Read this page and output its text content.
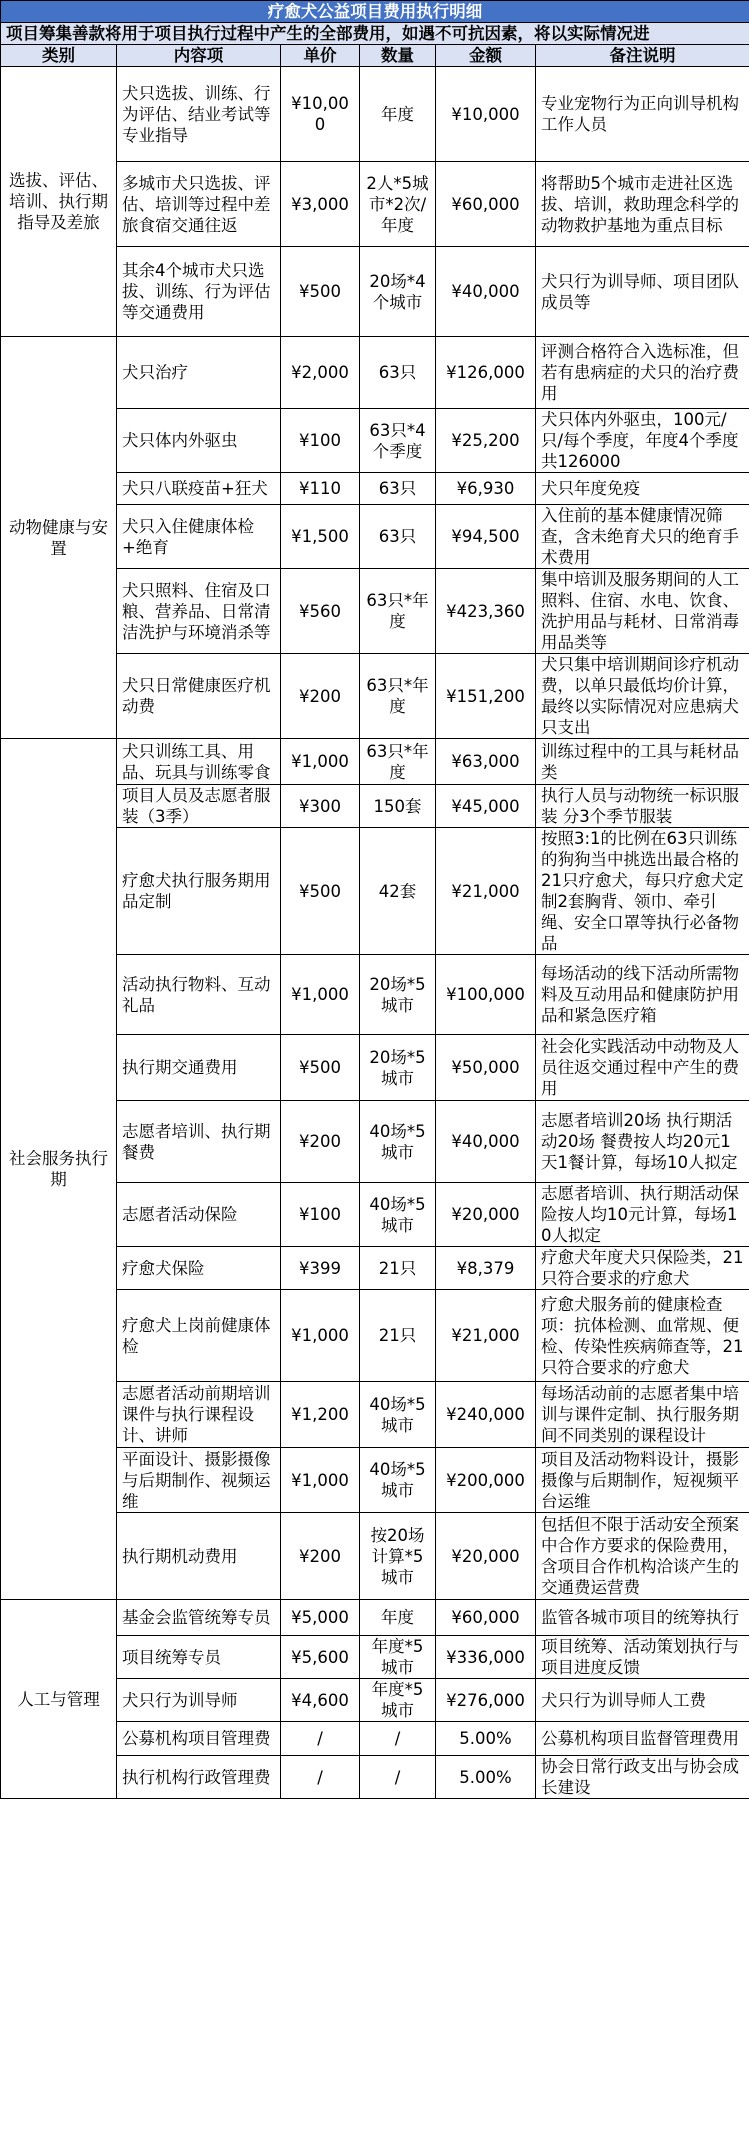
疗愈犬公益项目费用执行明细					
项目筹集善款将用于项目执行过程中产生的全部费用，如遇不可抗因素，将以实际情况进					
类别	内容项	单价	数量	金额	备注说明
选拔、评估、培训、执行期指导及差旅	犬只选拔、训练、行为评估、结业考试等专业指导	¥10,000	年度	¥10,000	专业宠物行为正向训导机构工作人员
	多城市犬只选拔、评估、培训等过程中差旅食宿交通往返	¥3,000	2人*5城市*2次/年度	¥60,000	将帮助5个城市走进社区选拔、培训，救助理念科学的动物救护基地为重点目标
	其余4个城市犬只选拔、训练、行为评估等交通费用	¥500	20场*4个城市	¥40,000	犬只行为训导师、项目团队成员等
动物健康与安置	犬只治疗	¥2,000	63只	¥126,000	评测合格符合入选标准，但若有患病症的犬只的治疗费用
	犬只体内外驱虫	¥100	63只*4个季度	¥25,200	犬只体内外驱虫，100元/只/每个季度，年度4个季度共126000
	犬只八联疫苗+狂犬	¥110	63只	¥6,930	犬只年度免疫
	犬只入住健康体检+绝育	¥1,500	63只	¥94,500	入住前的基本健康情况筛查，含未绝育犬只的绝育手术费用
	犬只照料、住宿及口粮、营养品、日常清洁洗护与环境消杀等	¥560	63只*年度	¥423,360	集中培训及服务期间的人工照料、住宿、水电、饮食、洗护用品与耗材、日常消毒用品类等
	犬只日常健康医疗机动费	¥200	63只*年度	¥151,200	犬只集中培训期间诊疗机动费，以单只最低均价计算，最终以实际情况对应患病犬只支出
社会服务执行期	犬只训练工具、用品、玩具与训练零食	¥1,000	63只*年度	¥63,000	训练过程中的工具与耗材品类
	项目人员及志愿者服装（3季）	¥300	150套	¥45,000	执行人员与动物统一标识服装 分3个季节服装
	疗愈犬执行服务期用品定制	¥500	42套	¥21,000	按照3:1的比例在63只训练的狗狗当中挑选出最合格的21只疗愈犬，每只疗愈犬定制2套胸背、领巾、牵引绳、安全口罩等执行必备物品
	活动执行物料、互动礼品	¥1,000	20场*5城市	¥100,000	每场活动的线下活动所需物料及互动用品和健康防护用品和紧急医疗箱
	执行期交通费用	¥500	20场*5城市	¥50,000	社会化实践活动中动物及人员往返交通过程中产生的费用
	志愿者培训、执行期餐费	¥200	40场*5城市	¥40,000	志愿者培训20场 执行期活动20场 餐费按人均20元1天1餐计算，每场10人拟定
	志愿者活动保险	¥100	40场*5城市	¥20,000	志愿者培训、执行期活动保险按人均10元计算，每场10人拟定
	疗愈犬保险	¥399	21只	¥8,379	疗愈犬年度犬只保险类，21只符合要求的疗愈犬
	疗愈犬上岗前健康体检	¥1,000	21只	¥21,000	疗愈犬服务前的健康检查项：抗体检测、血常规、便检、传染性疾病筛查等，21只符合要求的疗愈犬
	志愿者活动前期培训课件与执行课程设计、讲师	¥1,200	40场*5城市	¥240,000	每场活动前的志愿者集中培训与课件定制、执行服务期间不同类别的课程设计
	平面设计、摄影摄像与后期制作、视频运维	¥1,000	40场*5城市	¥200,000	项目及活动物料设计，摄影摄像与后期制作，短视频平台运维
	执行期机动费用	¥200	按20场计算*5城市	¥20,000	包括但不限于活动安全预案中合作方要求的保险费用，含项目合作机构洽谈产生的交通费运营费
人工与管理	基金会监管统筹专员	¥5,000	年度	¥60,000	监管各城市项目的统筹执行
	项目统筹专员	¥5,600	年度*5城市	¥336,000	项目统筹、活动策划执行与项目进度反馈
	犬只行为训导师	¥4,600	年度*5城市	¥276,000	犬只行为训导师人工费
	公募机构项目管理费	/	/	5.00%	公募机构项目监督管理费用
	执行机构行政管理费	/	/	5.00%	协会日常行政支出与协会成长建设
